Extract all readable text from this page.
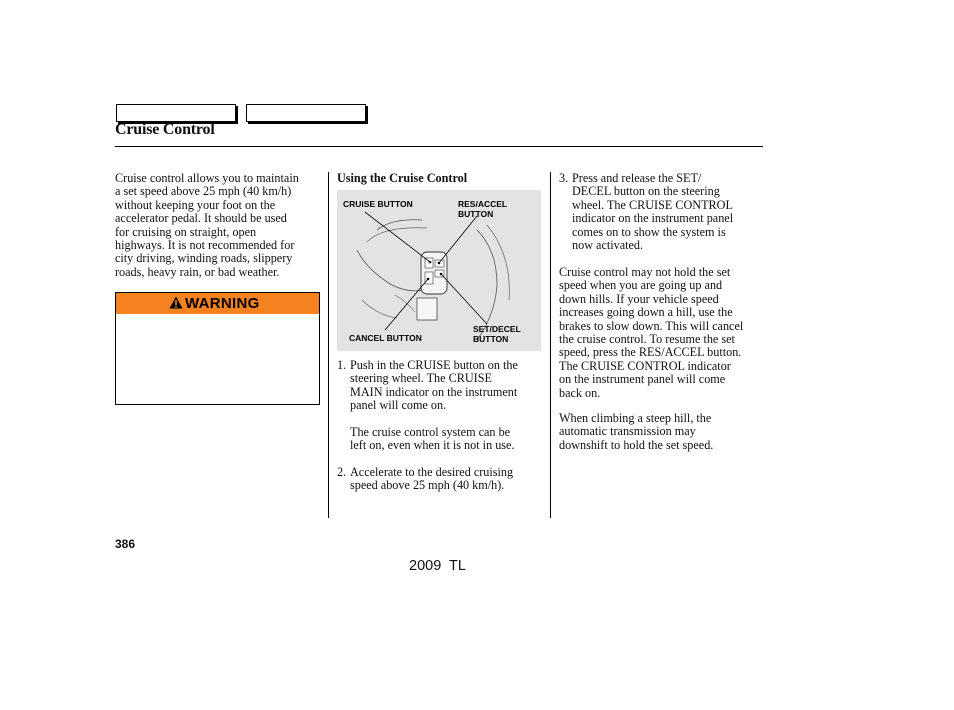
Cruise Control
Cruise control allows you to maintain
a set speed above 25 mph (40 km/h)
without keeping your foot on the
accelerator pedal. It should be used
for cruising on straight, open
highways. It is not recommended for
city driving, winding roads, slippery
roads, heavy rain, or bad weather.
WARNING
Using the Cruise Control
CRUISE BUTTON	RES/ACCEL
BUTTON
CANCEL BUTTON
SET/DECEL
BUTTON
1. Push in the CRUISE button on the
steering wheel. The CRUISE
MAIN indicator on the instrument
panel will come on.
The cruise control system can be
left on, even when it is not in use.
2. Accelerate to the desired cruising
speed above 25 mph (40 km/h).
3. Press and release the SET/
DECEL button on the steering
wheel. The CRUISE CONTROL
indicator on the instrument panel
comes on to show the system is
now activated.
Cruise control may not hold the set
speed when you are going up and
down hills. If your vehicle speed
increases going down a hill, use the
brakes to slow down. This will cancel
the cruise control. To resume the set
speed, press the RES/ACCEL button.
The CRUISE CONTROL indicator
on the instrument panel will come
back on.
When climbing a steep hill, the
automatic transmission may
downshift to hold the set speed.
386
2009 TL
